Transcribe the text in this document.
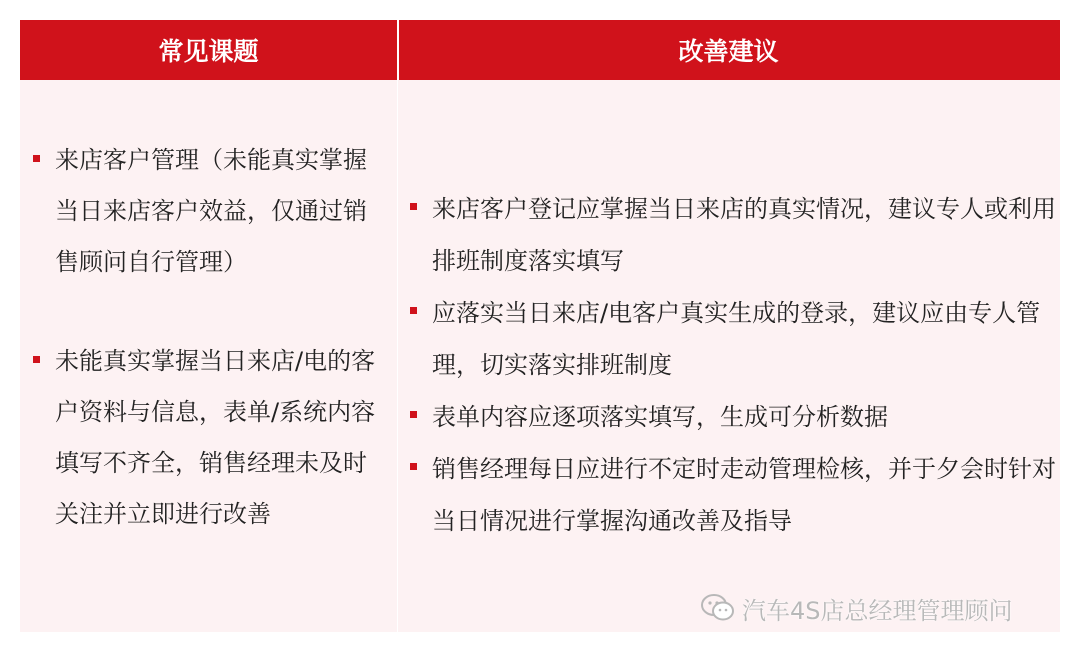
常见课题	改善建议
来店客户管理（未能真实掌握当日来店客户效益，仅通过销售顾问自行管理）
未能真实掌握当日来店/电的客户资料与信息，表单/系统内容填写不齐全，销售经理未及时关注并立即进行改善
来店客户登记应掌握当日来店的真实情况，建议专人或利用排班制度落实填写
应落实当日来店/电客户真实生成的登录，建议应由专人管理，切实落实排班制度
表单内容应逐项落实填写，生成可分析数据
销售经理每日应进行不定时走动管理检核，并于夕会时针对当日情况进行掌握沟通改善及指导
汽车4S店总经理管理顾问
